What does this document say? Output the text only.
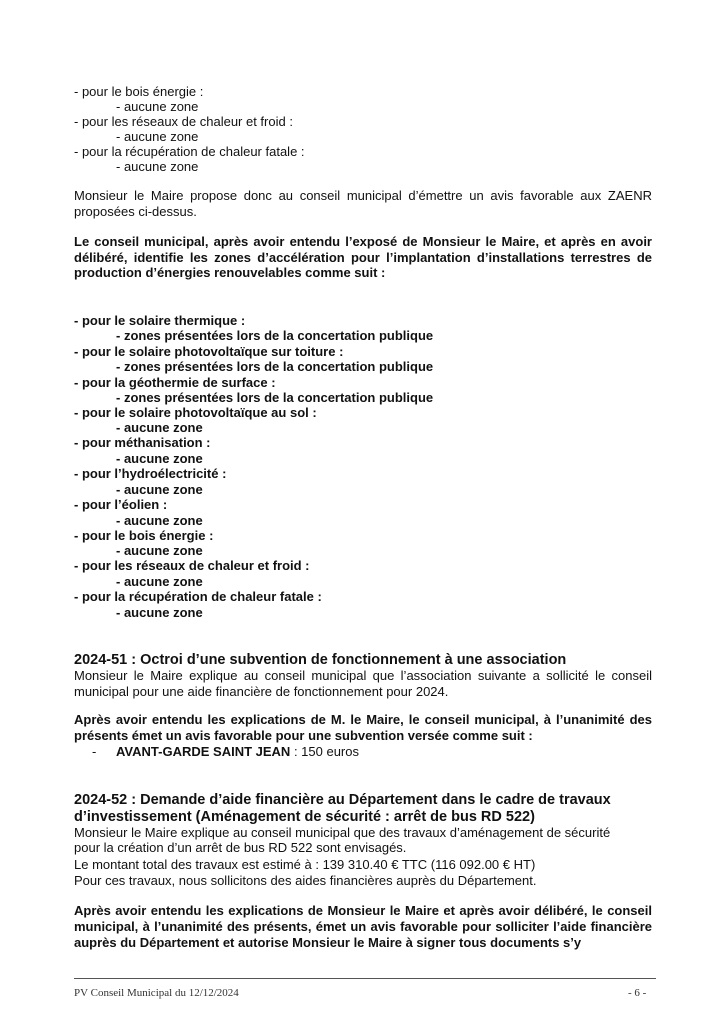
- pour le bois énergie :
- aucune zone
- pour les réseaux de chaleur et froid :
- aucune zone
- pour la récupération de chaleur fatale :
- aucune zone
Monsieur le Maire propose donc au conseil municipal d’émettre un avis favorable aux ZAENR proposées ci-dessus.
Le conseil municipal, après avoir entendu l’exposé de Monsieur le Maire, et après en avoir délibéré, identifie les zones d’accélération pour l’implantation d’installations terrestres de production d’énergies renouvelables comme suit :
- pour le solaire thermique :
- zones présentées lors de la concertation publique
- pour le solaire photovoltaïque sur toiture :
- zones présentées lors de la concertation publique
- pour la géothermie de surface :
- zones présentées lors de la concertation publique
- pour le solaire photovoltaïque au sol :
- aucune zone
- pour méthanisation :
- aucune zone
- pour l’hydroélectricité :
- aucune zone
- pour l’éolien :
- aucune zone
- pour le bois énergie :
- aucune zone
- pour les réseaux de chaleur et froid :
- aucune zone
- pour la récupération de chaleur fatale :
- aucune zone
2024-51 : Octroi d’une subvention de fonctionnement à une association
Monsieur le Maire explique au conseil municipal que l’association suivante a sollicité le conseil municipal pour une aide financière de fonctionnement pour 2024.
Après avoir entendu les explications de M. le Maire, le conseil municipal, à l’unanimité des présents émet un avis favorable pour une subvention versée comme suit :
- AVANT-GARDE SAINT JEAN : 150 euros
2024-52 : Demande d’aide financière au Département dans le cadre de travaux
d’investissement (Aménagement de sécurité : arrêt de bus RD 522)
Monsieur le Maire explique au conseil municipal que des travaux d’aménagement de sécurité
pour la création d’un arrêt de bus RD 522 sont envisagés.
Le montant total des travaux est estimé à : 139 310.40 € TTC (116 092.00 € HT)
Pour ces travaux, nous sollicitons des aides financières auprès du Département.
Après avoir entendu les explications de Monsieur le Maire et après avoir délibéré, le conseil municipal, à l’unanimité des présents, émet un avis favorable pour solliciter l’aide financière auprès du Département et autorise Monsieur le Maire à signer tous documents s’y
PV Conseil Municipal du 12/12/2024	- 6 -
